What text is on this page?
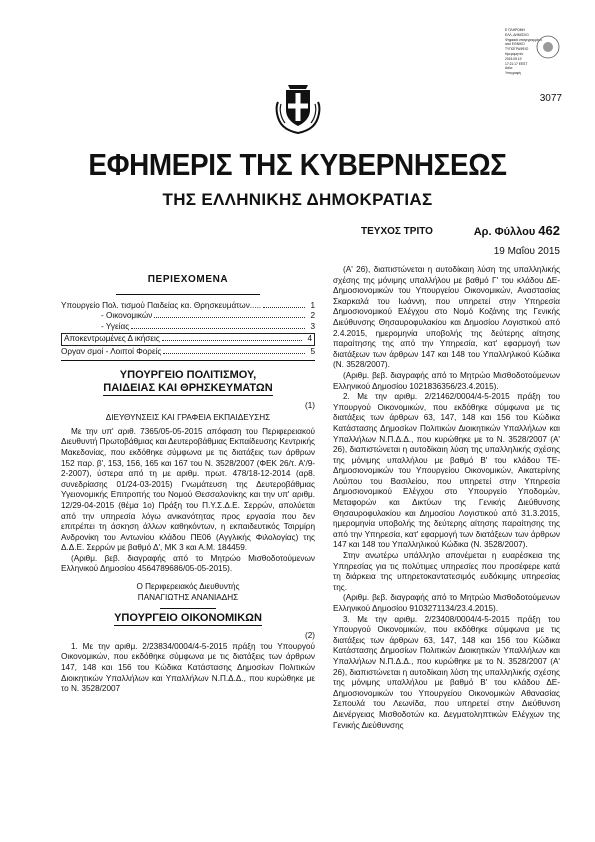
Ε ΠΛΗΡΩΜΗ
ΕΛΛ. ΔΗΜΟΣΙΟ
Ψηφιακά υπογεγραμμένο
από ΕΘΝΙΚΟ
ΤΥΠΟΓΡΑΦΕΙΟ
Ημερομηνία:
2015.05.19
17:21:17 EEST
Αιτία:
Υπογραφή
3077
ΕΦΗΜΕΡΙΣ ΤΗΣ ΚΥΒΕΡΝΗΣΕΩΣ
ΤΗΣ ΕΛΛΗΝΙΚΗΣ ΔΗΜΟΚΡΑΤΙΑΣ
ΤΕΥΧΟΣ ΤΡΙΤΟ	Αρ. Φύλλου 462
19 Μαΐου 2015
ΠΕΡΙΕΧΟΜΕΝΑ
Υπουργείο Πολ. τισμού Παιδείας κα. Θρησκευμάτων.....	1
- Οικονομικών	2
- Υγείας	3
Αποκεντρωμένες Δ ικήσεις	4
Οργαν σμοί - Λοιποί Φορείς	5
ΥΠΟΥΡΓΕΙΟ ΠΟΛΙΤΙΣΜΟΥ,
ΠΑΙΔΕΙΑΣ ΚΑΙ ΘΡΗΣΚΕΥΜΑΤΩΝ
(1)
ΔΙΕΥΘΥΝΣΕΙΣ ΚΑΙ ΓΡΑΦΕΙΑ ΕΚΠΑΙΔΕΥΣΗΣ

Με την υπ' αριθ. 7365/05-05-2015 απόφαση του Περιφερειακού Διευθυντή Πρωτοβάθμιας και Δευτεροβάθμιας Εκπαίδευσης Κεντρικής Μακεδονίας, που εκδόθηκε σύμφωνα με τις διατάξεις των άρθρων 152 παρ. β', 153, 156, 165 και 167 του Ν. 3528/2007 (ΦΕΚ 26/τ. Α'/9-2-2007), ύστερα από τη με αριθμ. πρωτ. 478/18-12-2014 (αρ8. συνεδρίασης 01/24-03-2015) Γνωμάτευση της Δευτεροβάθμιας Υγειονομικής Επιτροπής του Νομού Θεσσαλονίκης και την υπ' αριθμ. 12/29-04-2015 (θέμα 1ο) Πράξη του Π.Υ.Σ.Δ.Ε. Σερρών, απολύεται από την υπηρεσία λόγω ανικανότητας προς εργασία που δεν επιτρέπει τη άσκηση άλλων καθηκόντων, η εκπαιδευτικός Τσιρμίρη Ανδρονίκη του Αντωνίου κλάδου ΠΕ06 (Αγγλικής Φιλολογίας) της Δ.Δ.Ε. Σερρών με βαθμό Δ', ΜΚ 3 και Α.Μ. 184459.

(Αριθμ. βεβ. διαγραφής από το Μητρώο Μισθοδοτούμενων Ελληνικού Δημοσίου 4564789686/05-05-2015).

Ο Περιφερειακός Διευθυντής
ΠΑΝΑΓΙΩΤΗΣ ΑΝΑΝΙΑΔΗΣ
ΥΠΟΥΡΓΕΙΟ ΟΙΚΟΝΟΜΙΚΩΝ
(2)

1. Με την αριθμ. 2/23834/0004/4-5-2015 πράξη του Υπουργού Οικονομικών, που εκδόθηκε σύμφωνα με τις διατάξεις των άρθρων 147, 148 και 156 του Κώδικα Κατάστασης Δημοσίων Πολιτικών Διοικητικών Υπαλλήλων και Υπαλλήλων Ν.Π.Δ.Δ., που κυρώθηκε με το Ν. 3528/2007

(Α' 26), διαπιστώνεται η αυτοδίκαιη λύση της υπαλληλικής σχέσης της μόνιμης υπαλλήλου με βαθμό Γ' του κλάδου ΔΕ-Δημοσιονομικών του Υπουργείου Οικονομικών, Αναστασίας Σκαρκαλά του Ιωάννη, που υπηρετεί στην Υπηρεσία Δημοσιονομικού Ελέγχου στο Νομό Κοζάνης της Γενικής Διεύθυνσης Θησαυροφυλακίου και Δημοσίου Λογιστικού από 2.4.2015, ημερομηνία υποβολής της δεύτερης αίτησης παραίτησης της από την Υπηρεσία, κατ' εφαρμογή των διατάξεων των άρθρων 147 και 148 του Υπαλληλικού Κώδικα (Ν. 3528/2007).

(Αριθμ. βεβ. διαγραφής από το Μητρώο Μισθοδοτούμενων Ελληνικού Δημοσίου 1021836356/23.4.2015).

2. Με την αριθμ. 2/21462/0004/4-5-2015 πράξη του Υπουργού Οικονομικών, που εκδόθηκε σύμφωνα με τις διατάξεις των άρθρων 63, 147, 148 και 156 του Κώδικα Κατάστασης Δημοσίων Πολιτικών Διοικητικών Υπαλλήλων και Υπαλλήλων Ν.Π.Δ.Δ., που κυρώθηκε με το Ν. 3528/2007 (Α' 26), διαπιστώνεται η αυτοδίκαιη λύση της υπαλληλικής σχέσης της μόνιμης υπαλλήλου με βαθμό Β' του κλάδου ΤΕ-Δημοσιονομικών του Υπουργείου Οικονομικών, Αικατερίνης Λούπου του Βασιλείου, που υπηρετεί στην Υπηρεσία Δημοσιονομικού Ελέγχου στο Υπουργείο Υποδομών, Μεταφορών και Δικτύων της Γενικής Διεύθυνσης Θησαυροφυλακίου και Δημοσίου Λογιστικού από 31.3.2015, ημερομηνία υποβολής της δεύτερης αίτησης παραίτησης της από την Υπηρεσία, κατ' εφαρμογή των διατάξεων των άρθρων 147 και 148 του Υπαλληλικού Κώδικα (Ν. 3528/2007).

Στην ανωτέρω υπάλληλο απονέμεται η ευαρέσκεια της Υπηρεσίας για τις πολύτιμες υπηρεσίες που προσέφερε κατά τη διάρκεια της υπηρετοκαντατεσιμός ευδόκιμης υπηρεσίας της.

(Αριθμ. βεβ. διαγραφής από το Μητρώο Μισθοδοτούμενων Ελληνικού Δημοσίου 9103271134/23.4.2015).

3. Με την αριθμ. 2/23408/0004/4-5-2015 πράξη του Υπουργού Οικονομικών, που εκδόθηκε σύμφωνα με τις διατάξεις των άρθρων 63, 147, 148 και 156 του Κώδικα Κατάστασης Δημοσίων Πολιτικών Διοικητικών Υπαλλήλων και Υπαλλήλων Ν.Π.Δ.Δ., που κυρώθηκε με το Ν. 3528/2007 (Α' 26), διαπιστώνεται η αυτοδίκαιη λύση της υπαλληλικής σχέσης της μόνιμης υπαλλήλου με βαθμό Β' του κλάδου ΔΕ-Δημοσιονομικών του Υπουργείου Οικονομικών Αθανασίας Σεπουλά του Λεωνίδα, που υπηρετεί στην Διεύθυνση Διενέργειας Μισθοδοτών κα. Δεγματοληπτικών Ελέγχων της Γενικής Διεύθυνσης
